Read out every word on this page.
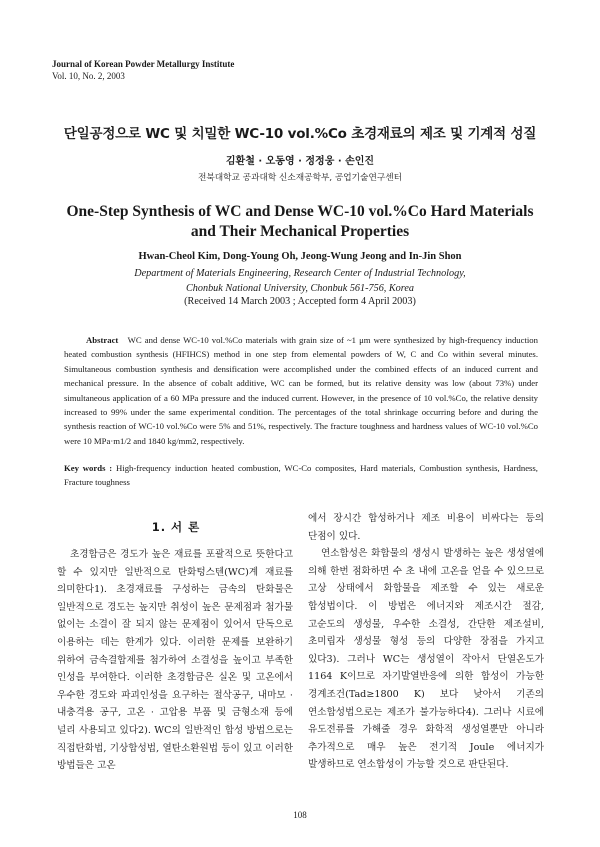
Journal of Korean Powder Metallurgy Institute
Vol. 10, No. 2, 2003
단일공정으로 WC 및 치밀한 WC-10 vol.%Co 초경재료의 제조 및 기계적 성질
김환철 · 오동영 · 정정웅 · 손인진
전북대학교 공과대학 신소재공학부, 공업기술연구센터
One-Step Synthesis of WC and Dense WC-10 vol.%Co Hard Materials
and Their Mechanical Properties
Hwan-Cheol Kim, Dong-Young Oh, Jeong-Wung Jeong and In-Jin Shon
Department of Materials Engineering, Research Center of Industrial Technology,
Chonbuk National University, Chonbuk 561-756, Korea
(Received 14 March 2003 ; Accepted form 4 April 2003)

Abstract WC and dense WC-10 vol.%Co materials with grain size of ~1 μm were synthesized by high-frequency induction heated combustion synthesis (HFIHCS) method in one step from elemental powders of W, C and Co within several minutes. Simultaneous combustion synthesis and densification were accomplished under the combined effects of an induced current and mechanical pressure. In the absence of cobalt additive, WC can be formed, but its relative density was low (about 73%) under simultaneous application of a 60 MPa pressure and the induced current. However, in the presence of 10 vol.%Co, the relative density increased to 99% under the same experimental condition. The percentages of the total shrinkage occurring before and during the synthesis reaction of WC-10 vol.%Co were 5% and 51%, respectively. The fracture toughness and hardness values of WC-10 vol.%Co were 10 MPa·m1/2 and 1840 kg/mm2, respectively.

Key words : High-frequency induction heated combustion, WC-Co composites, Hard materials, Combustion synthesis, Hardness, Fracture toughness

1. 서 론

초경합금은 경도가 높은 재료를 포괄적으로 뜻한다고 할 수 있지만 일반적으로 탄화텅스텐(WC)계 재료를 의미한다1). 초경재료를 구성하는 금속의 탄화물은 일반적으로 경도는 높지만 취성이 높은 문제점과 첨가물 없이는 소결이 잘 되지 않는 문제점이 있어서 단독으로 이용하는 데는 한계가 있다. 이러한 문제를 보완하기 위하여 금속결합제를 첨가하여 소결성을 높이고 부족한 인성을 부여한다. 이러한 초경합금은 실온 및 고온에서 우수한 경도와 파괴인성을 요구하는 절삭공구, 내마모 · 내충격용 공구, 고온 · 고압용 부품 및 금형소재 등에 널리 사용되고 있다2). WC의 일반적인 합성 방법으로는 직접탄화법, 기상합성법, 열탄소환원법 등이 있고 이러한 방법들은 고온

에서 장시간 합성하거나 제조 비용이 비싸다는 등의 단점이 있다.

연소합성은 화합물의 생성시 발생하는 높은 생성열에 의해 한번 점화하면 수 초 내에 고온을 얻을 수 있으므로 고상 상태에서 화합물을 제조할 수 있는 새로운 합성법이다. 이 방법은 에너지와 제조시간 절감, 고순도의 생성물, 우수한 소결성, 간단한 제조설비, 초미립자 생성물 형성 등의 다양한 장점을 가지고 있다3). 그러나 WC는 생성열이 작아서 단열온도가 1164 K이므로 자기발열반응에 의한 합성이 가능한 경계조건(Tad≥1800 K) 보다 낮아서 기존의 연소합성법으로는 제조가 불가능하다4). 그러나 시료에 유도전류를 가해줄 경우 화학적 생성열뿐만 아니라 추가적으로 매우 높은 전기적 Joule 에너지가 발생하므로 연소합성이 가능할 것으로 판단된다.

108
